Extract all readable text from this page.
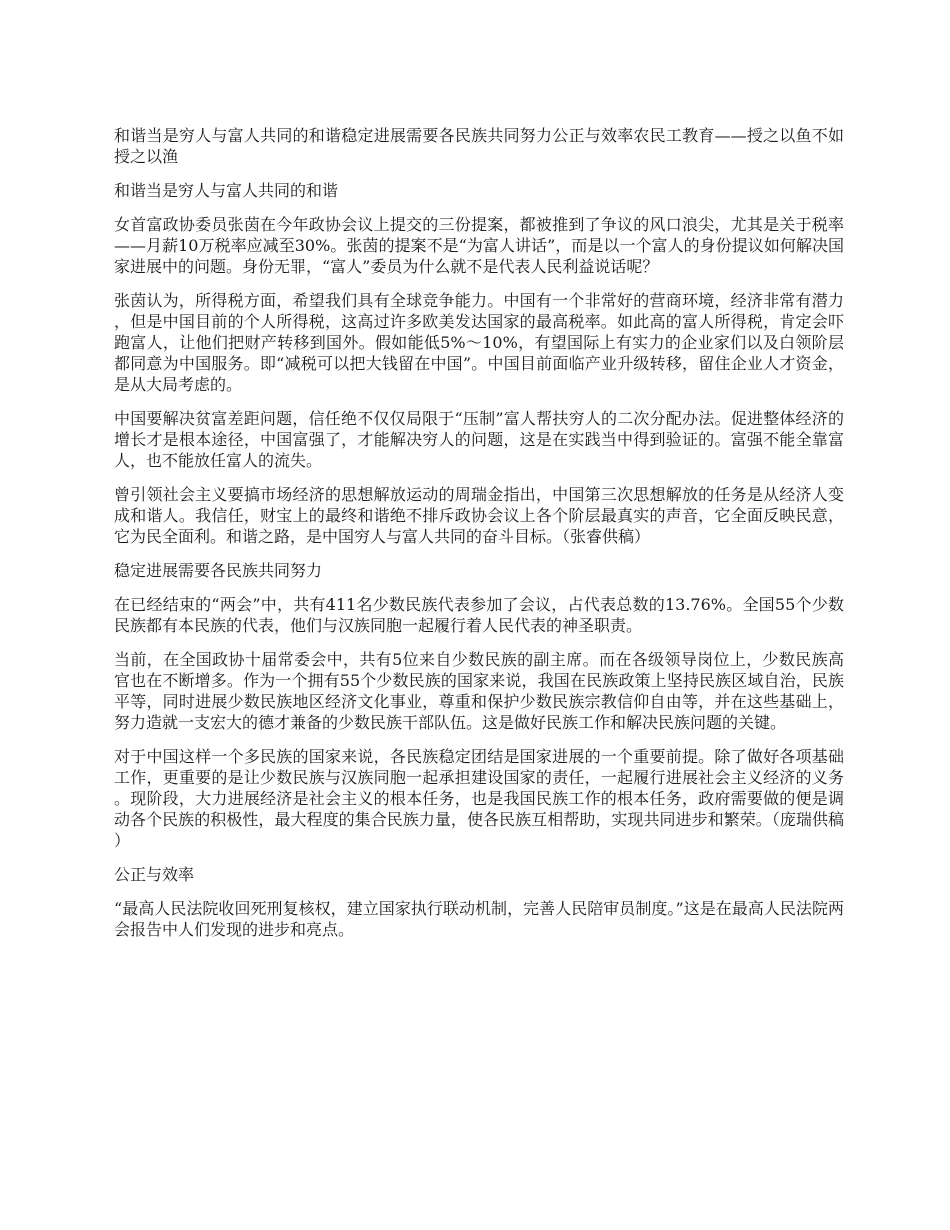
和谐当是穷人与富人共同的和谐稳定进展需要各民族共同努力公正与效率农民工教育——授之以鱼不如授之以渔

和谐当是穷人与富人共同的和谐

女首富政协委员张茵在今年政协会议上提交的三份提案，都被推到了争议的风口浪尖，尤其是关于税率——月薪10万税率应减至30%。张茵的提案不是“为富人讲话”，而是以一个富人的身份提议如何解决国家进展中的问题。身份无罪，“富人”委员为什么就不是代表人民利益说话呢？

张茵认为，所得税方面，希望我们具有全球竞争能力。中国有一个非常好的营商环境，经济非常有潜力，但是中国目前的个人所得税，这高过许多欧美发达国家的最高税率。如此高的富人所得税，肯定会吓跑富人，让他们把财产转移到国外。假如能低5%～10%，有望国际上有实力的企业家们以及白领阶层都同意为中国服务。即“减税可以把大钱留在中国”。中国目前面临产业升级转移，留住企业人才资金，是从大局考虑的。

中国要解决贫富差距问题，信任绝不仅仅局限于“压制”富人帮扶穷人的二次分配办法。促进整体经济的增长才是根本途径，中国富强了，才能解决穷人的问题，这是在实践当中得到验证的。富强不能全靠富人，也不能放任富人的流失。

曾引领社会主义要搞市场经济的思想解放运动的周瑞金指出，中国第三次思想解放的任务是从经济人变成和谐人。我信任，财宝上的最终和谐绝不排斥政协会议上各个阶层最真实的声音，它全面反映民意，它为民全面利。和谐之路，是中国穷人与富人共同的奋斗目标。（张睿供稿）

稳定进展需要各民族共同努力

在已经结束的“两会”中，共有411名少数民族代表参加了会议，占代表总数的13.76%。全国55个少数民族都有本民族的代表，他们与汉族同胞一起履行着人民代表的神圣职责。

当前，在全国政协十届常委会中，共有5位来自少数民族的副主席。而在各级领导岗位上，少数民族高官也在不断增多。作为一个拥有55个少数民族的国家来说，我国在民族政策上坚持民族区域自治，民族平等，同时进展少数民族地区经济文化事业，尊重和保护少数民族宗教信仰自由等，并在这些基础上，努力造就一支宏大的德才兼备的少数民族干部队伍。这是做好民族工作和解决民族问题的关键。

对于中国这样一个多民族的国家来说，各民族稳定团结是国家进展的一个重要前提。除了做好各项基础工作，更重要的是让少数民族与汉族同胞一起承担建设国家的责任，一起履行进展社会主义经济的义务。现阶段，大力进展经济是社会主义的根本任务，也是我国民族工作的根本任务，政府需要做的便是调动各个民族的积极性，最大程度的集合民族力量，使各民族互相帮助，实现共同进步和繁荣。（庞瑞供稿）

公正与效率

“最高人民法院收回死刑复核权，建立国家执行联动机制，完善人民陪审员制度。”这是在最高人民法院两会报告中人们发现的进步和亮点。
